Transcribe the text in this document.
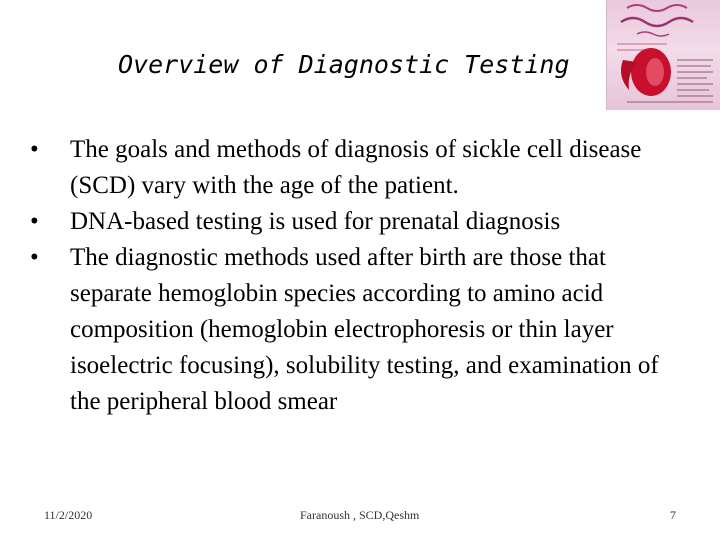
Overview of Diagnostic Testing
•	The goals and methods of diagnosis of sickle cell disease (SCD) vary with the age of the patient.
•	DNA-based testing is used for prenatal diagnosis
•	The diagnostic methods used after birth are those that separate hemoglobin species according to amino acid composition (hemoglobin electrophoresis or thin layer isoelectric focusing), solubility testing, and examination of the peripheral blood smear
11/2/2020	Faranoush , SCD,Qeshm	7
